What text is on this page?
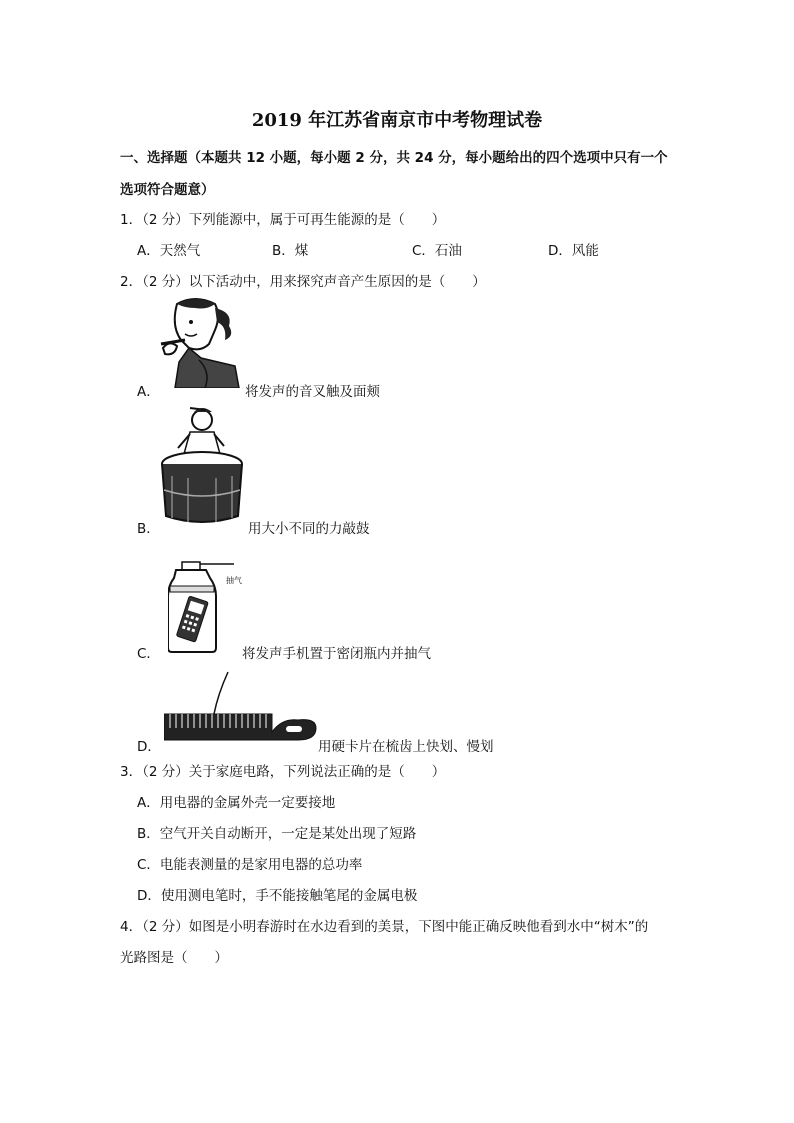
2019 年江苏省南京市中考物理试卷
一、选择题（本题共 12 小题，每小题 2 分，共 24 分，每小题给出的四个选项中只有一个
选项符合题意）
1．（2 分）下列能源中，属于可再生能源的是（　　）
A．天然气	B．煤	C．石油	D．风能
2．（2 分）以下活动中，用来探究声音产生原因的是（　　）
A．	将发声的音叉触及面颊
B．	用大小不同的力敲鼓
抽气
C．	将发声手机置于密闭瓶内并抽气
D．	用硬卡片在梳齿上快划、慢划
3．（2 分）关于家庭电路，下列说法正确的是（　　）
A．用电器的金属外壳一定要接地
B．空气开关自动断开，一定是某处出现了短路
C．电能表测量的是家用电器的总功率
D．使用测电笔时，手不能接触笔尾的金属电极
4．（2 分）如图是小明春游时在水边看到的美景，下图中能正确反映他看到水中“树木”的
光路图是（　　）
